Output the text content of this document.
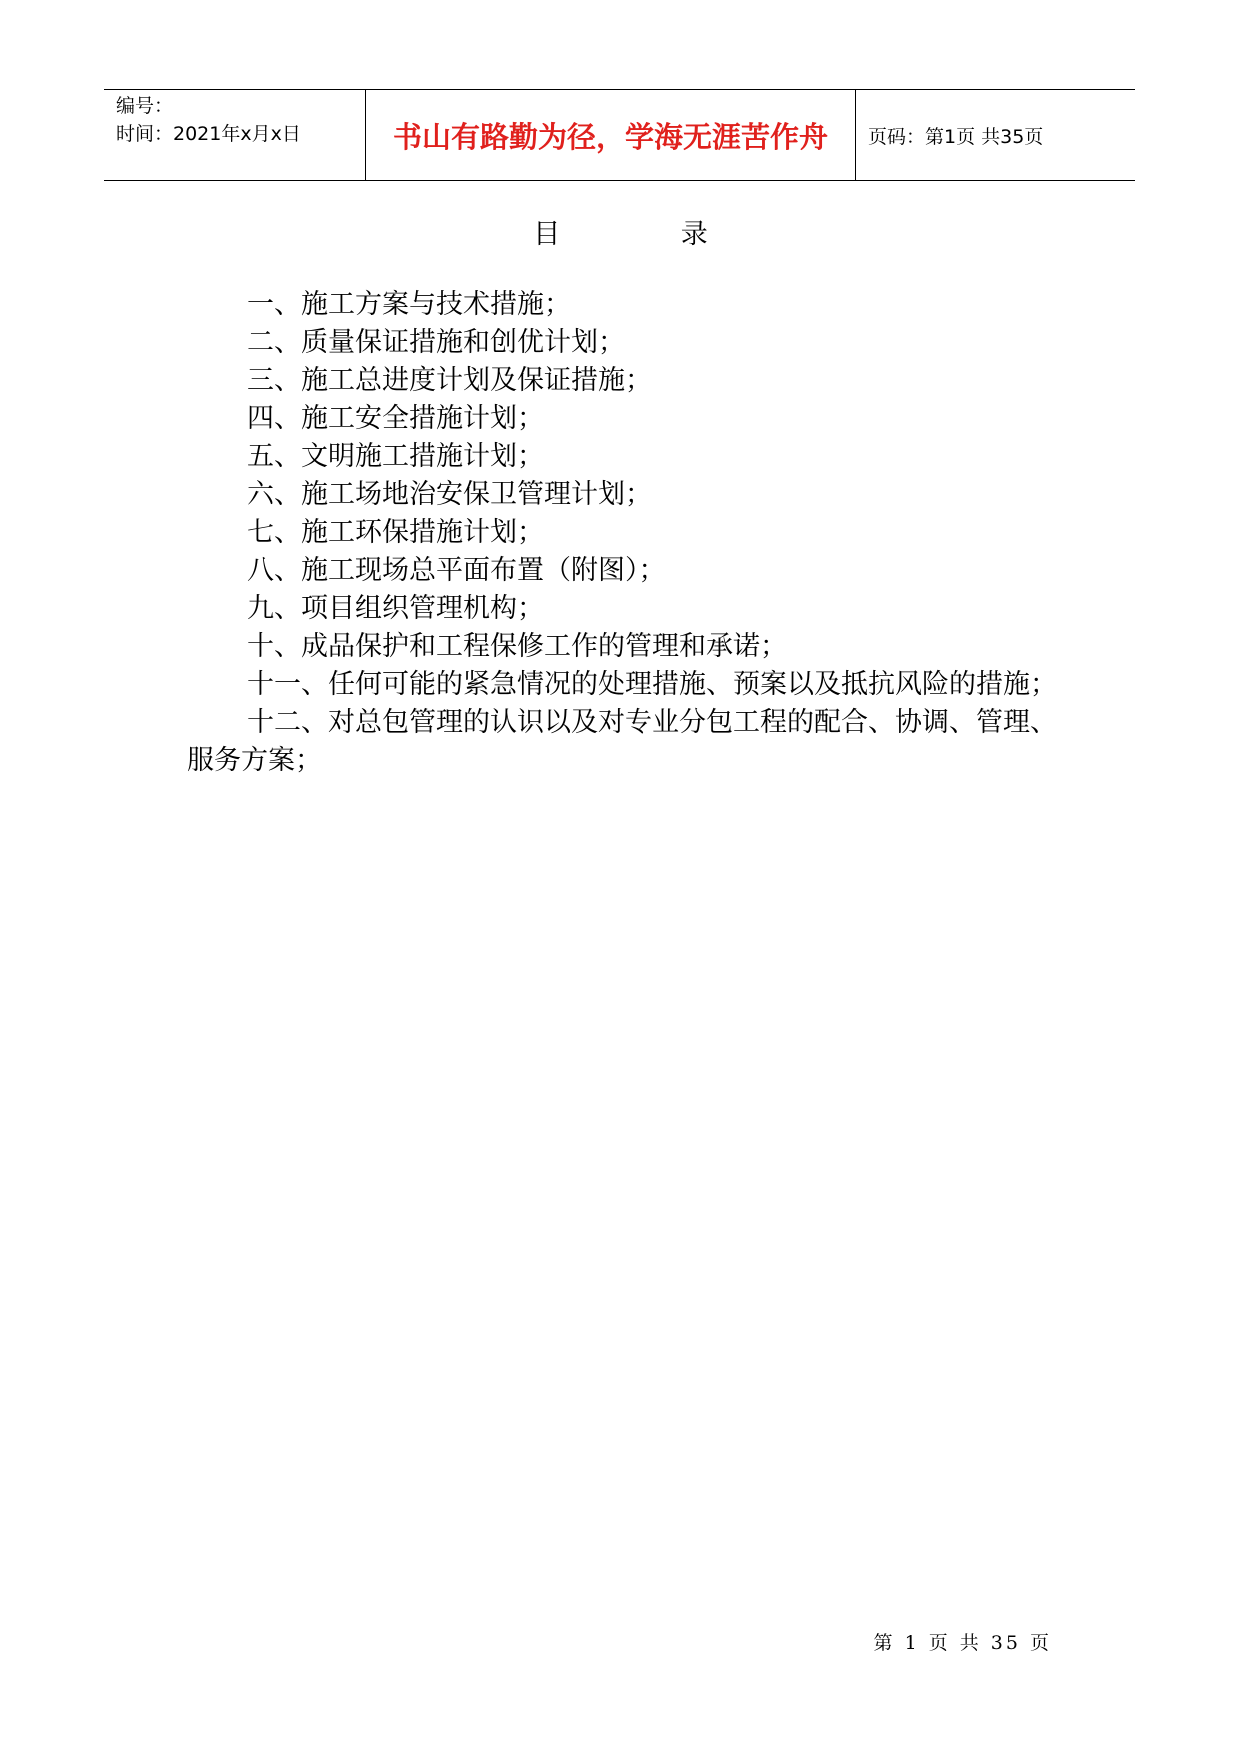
编号：
时间：2021年x月x日	书山有路勤为径，学海无涯苦作舟 页码：第1页 共35页
目 录
一、施工方案与技术措施；
二、质量保证措施和创优计划；
三、施工总进度计划及保证措施；
四、施工安全措施计划；
五、文明施工措施计划；
六、施工场地治安保卫管理计划；
七、施工环保措施计划；
八、施工现场总平面布置（附图）；
九、项目组织管理机构；
十、成品保护和工程保修工作的管理和承诺；
十一、任何可能的紧急情况的处理措施、预案以及抵抗风险的措施；
十二、对总包管理的认识以及对专业分包工程的配合、协调、管理、服务方案；
第 1 页 共 35 页
